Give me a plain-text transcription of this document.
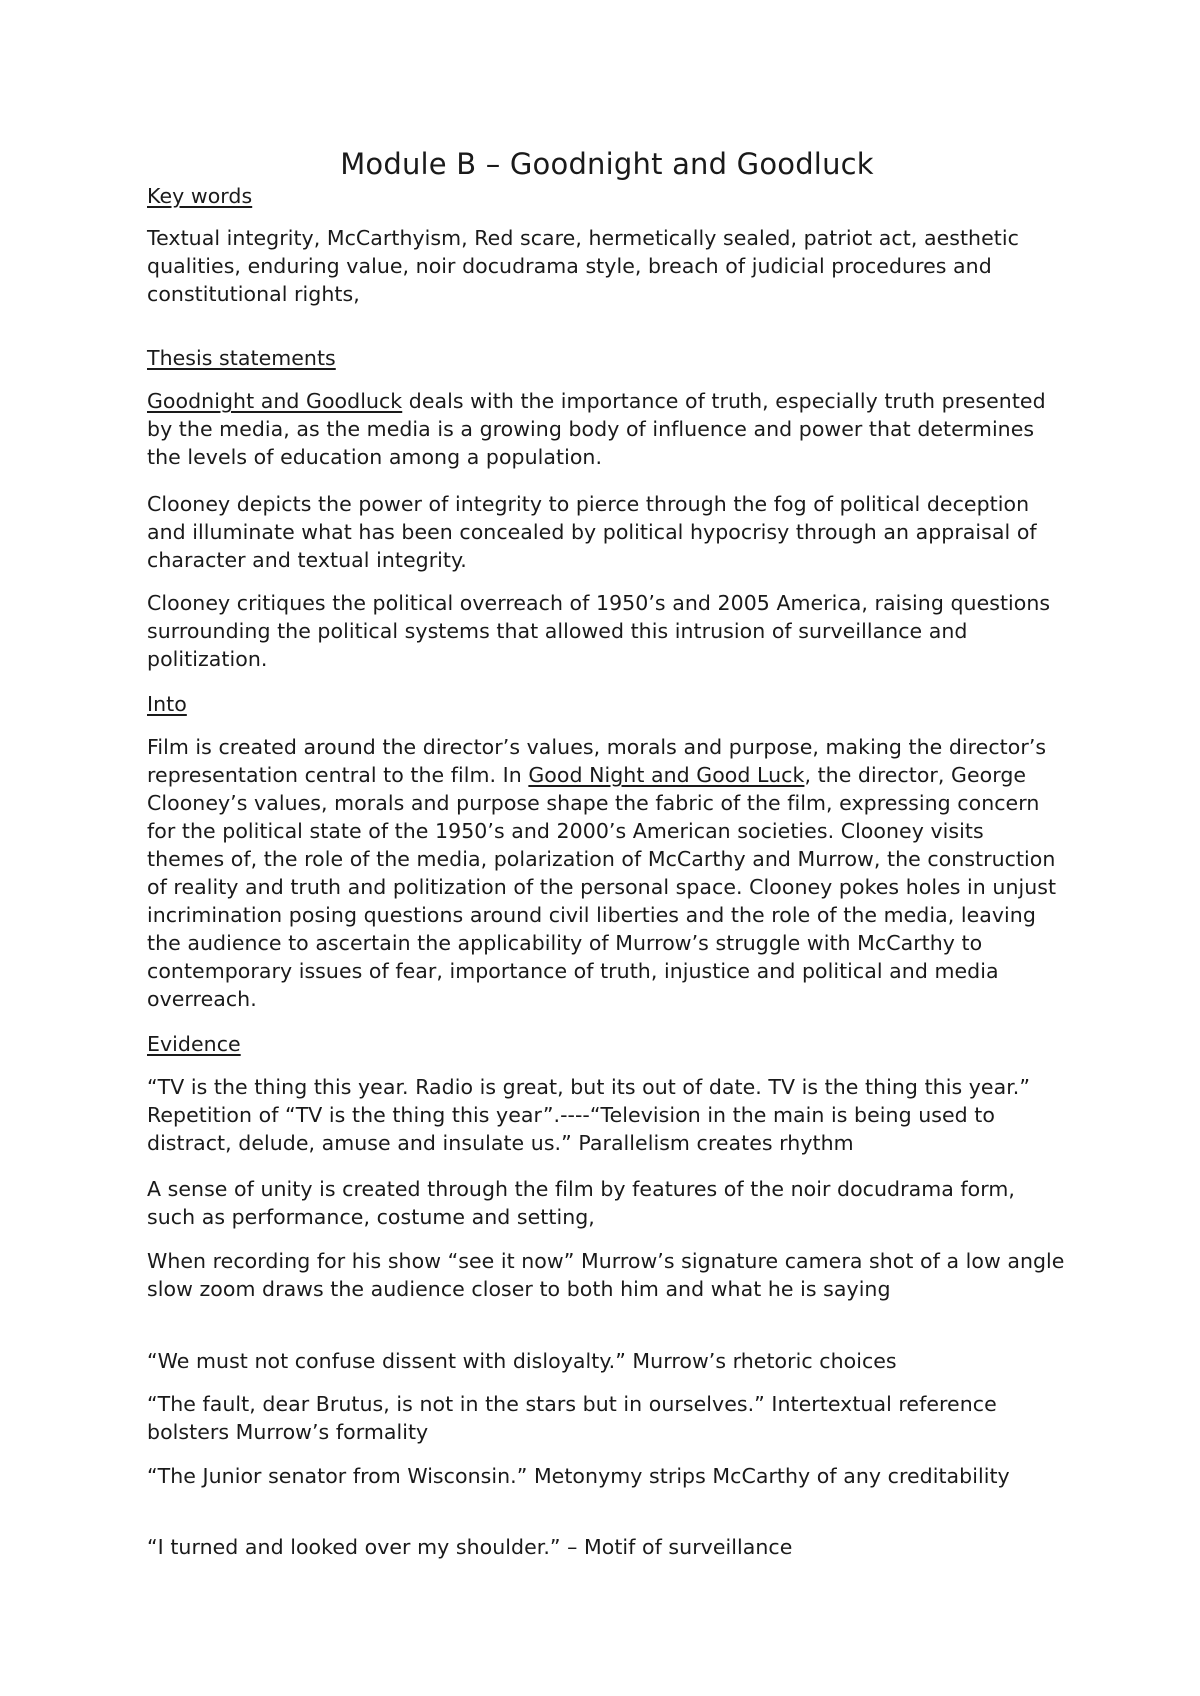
Module B – Goodnight and Goodluck

Key words

Textual integrity, McCarthyism, Red scare, hermetically sealed, patriot act, aesthetic qualities, enduring value, noir docudrama style, breach of judicial procedures and constitutional rights,

Thesis statements

Goodnight and Goodluck deals with the importance of truth, especially truth presented by the media, as the media is a growing body of influence and power that determines the levels of education among a population.

Clooney depicts the power of integrity to pierce through the fog of political deception and illuminate what has been concealed by political hypocrisy through an appraisal of character and textual integrity.

Clooney critiques the political overreach of 1950’s and 2005 America, raising questions surrounding the political systems that allowed this intrusion of surveillance and politization.

Into

Film is created around the director’s values, morals and purpose, making the director’s representation central to the film. In Good Night and Good Luck, the director, George Clooney’s values, morals and purpose shape the fabric of the film, expressing concern for the political state of the 1950’s and 2000’s American societies. Clooney visits themes of, the role of the media, polarization of McCarthy and Murrow, the construction of reality and truth and politization of the personal space. Clooney pokes holes in unjust incrimination posing questions around civil liberties and the role of the media, leaving the audience to ascertain the applicability of Murrow’s struggle with McCarthy to contemporary issues of fear, importance of truth, injustice and political and media overreach.

Evidence

“TV is the thing this year. Radio is great, but its out of date. TV is the thing this year.” Repetition of “TV is the thing this year”.----“Television in the main is being used to distract, delude, amuse and insulate us.” Parallelism creates rhythm

A sense of unity is created through the film by features of the noir docudrama form, such as performance, costume and setting,

When recording for his show “see it now” Murrow’s signature camera shot of a low angle slow zoom draws the audience closer to both him and what he is saying

“We must not confuse dissent with disloyalty.” Murrow’s rhetoric choices

“The fault, dear Brutus, is not in the stars but in ourselves.” Intertextual reference bolsters Murrow’s formality

“The Junior senator from Wisconsin.” Metonymy strips McCarthy of any creditability

“I turned and looked over my shoulder.” – Motif of surveillance
